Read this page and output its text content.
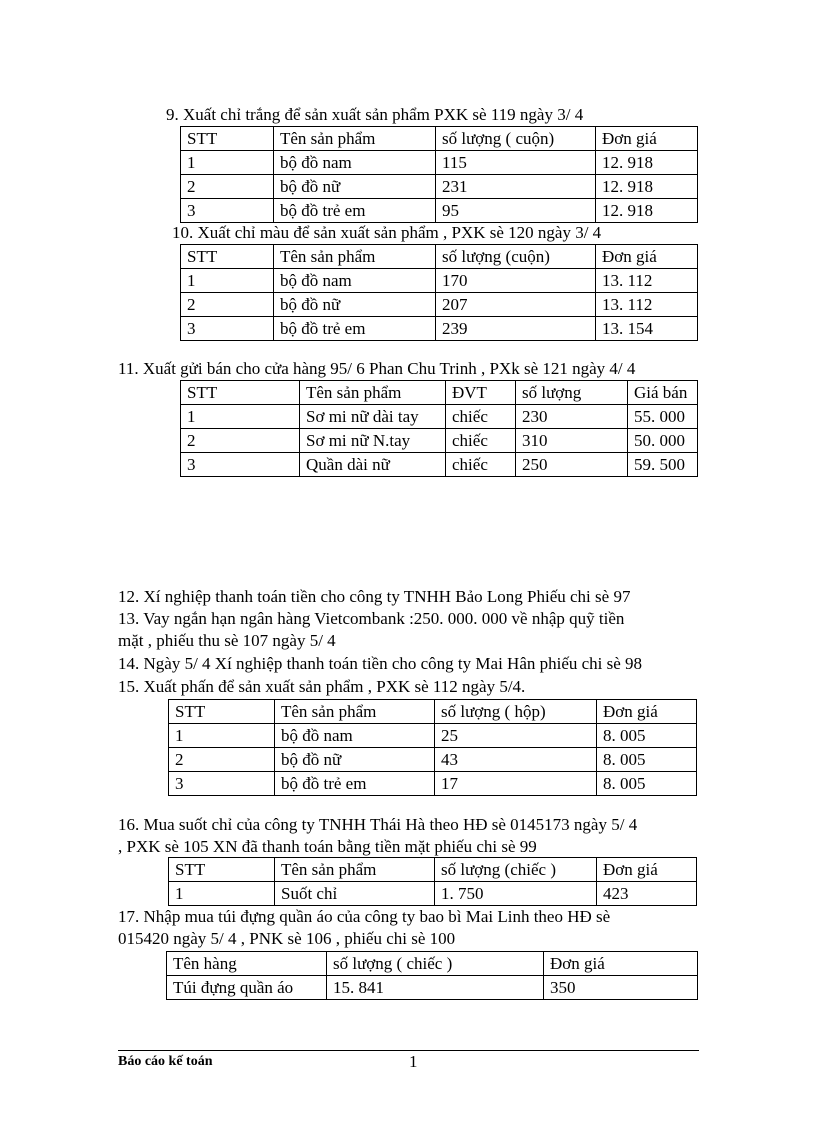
9. Xuất chỉ trắng để sản xuất sản phẩm PXK sè 119 ngày 3/ 4
STT	Tên sản phẩm	số lượng ( cuộn)	Đơn giá
1	bộ đồ nam	115	12. 918
2	bộ đồ nữ	231	12. 918
3	bộ đồ trẻ em	95	12. 918
10. Xuất chỉ màu để sản xuất sản phẩm , PXK sè 120 ngày 3/ 4
STT	Tên sản phẩm	số lượng (cuộn)	Đơn giá
1	bộ đồ nam	170	13. 112
2	bộ đồ nữ	207	13. 112
3	bộ đồ trẻ em	239	13. 154
11. Xuất gửi bán cho cửa hàng 95/ 6 Phan Chu Trinh , PXk sè 121 ngày 4/ 4
STT	Tên sản phẩm	ĐVT	số lượng	Giá bán
1	Sơ mi nữ dài tay	chiếc	230	55. 000
2	Sơ mi nữ N.tay	chiếc	310	50. 000
3	Quần dài nữ	chiếc	250	59. 500
12. Xí nghiệp thanh toán tiền cho công ty TNHH Bảo Long Phiếu chi sè 97
13. Vay ngắn hạn ngân hàng Vietcombank :250. 000. 000 về nhập quỹ tiền
mặt , phiếu thu sè 107 ngày 5/ 4
14. Ngày 5/ 4 Xí nghiệp thanh toán tiền cho công ty Mai Hân phiếu chi sè 98
15. Xuất phấn để sản xuất sản phẩm , PXK sè 112 ngày 5/4.
STT	Tên sản phẩm	số lượng ( hộp)	Đơn giá
1	bộ đồ nam	25	8. 005
2	bộ đồ nữ	43	8. 005
3	bộ đồ trẻ em	17	8. 005
16. Mua suốt chỉ của công ty TNHH Thái Hà theo HĐ sè 0145173 ngày 5/ 4
, PXK sè 105 XN đã thanh toán bằng tiền mặt phiếu chi sè 99
STT	Tên sản phẩm	số lượng (chiếc )	Đơn giá
1	Suốt chỉ	1. 750	423
17. Nhập mua túi đựng quần áo của công ty bao bì Mai Linh theo HĐ sè
015420 ngày 5/ 4 , PNK sè 106 , phiếu chi sè 100
Tên hàng	số lượng ( chiếc )	Đơn giá
Túi đựng quần áo	15. 841	350
Báo cáo kế toán	1
